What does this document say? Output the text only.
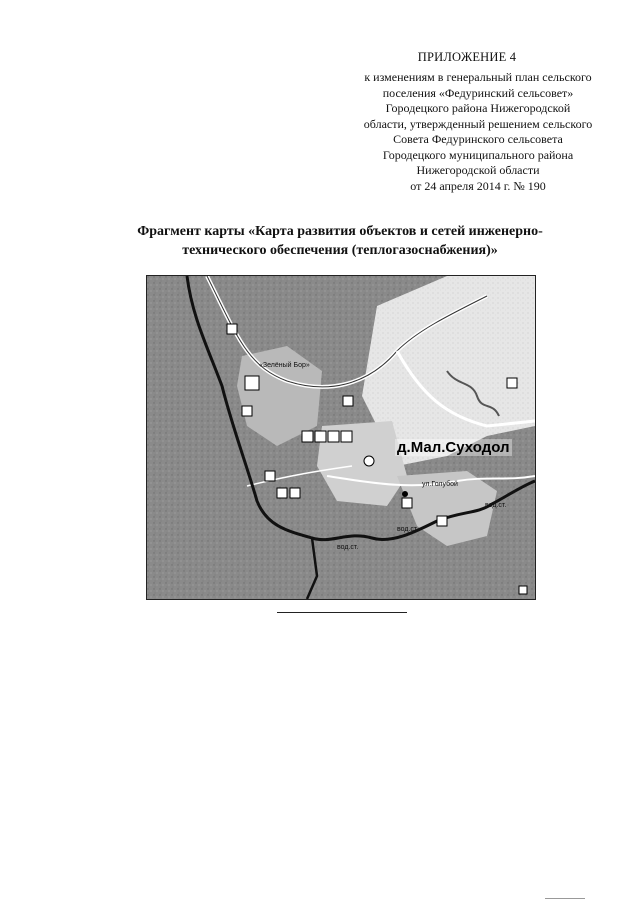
ПРИЛОЖЕНИЕ 4
к изменениям в генеральный план сельского
поселения «Федуринский сельсовет»
Городецкого района Нижегородской
области, утвержденный решением сельского
Совета Федуринского сельсовета
Городецкого муниципального района
Нижегородской области
от 24 апреля 2014 г. № 190
Фрагмент карты «Карта развития объектов и сетей инженерно-
технического обеспечения (теплогазоснабжения)»
д.Мал.Суходол
«Зелёный Бор»
ул.Голубой
вод.ст.
вод.ст.
вод.ст.
